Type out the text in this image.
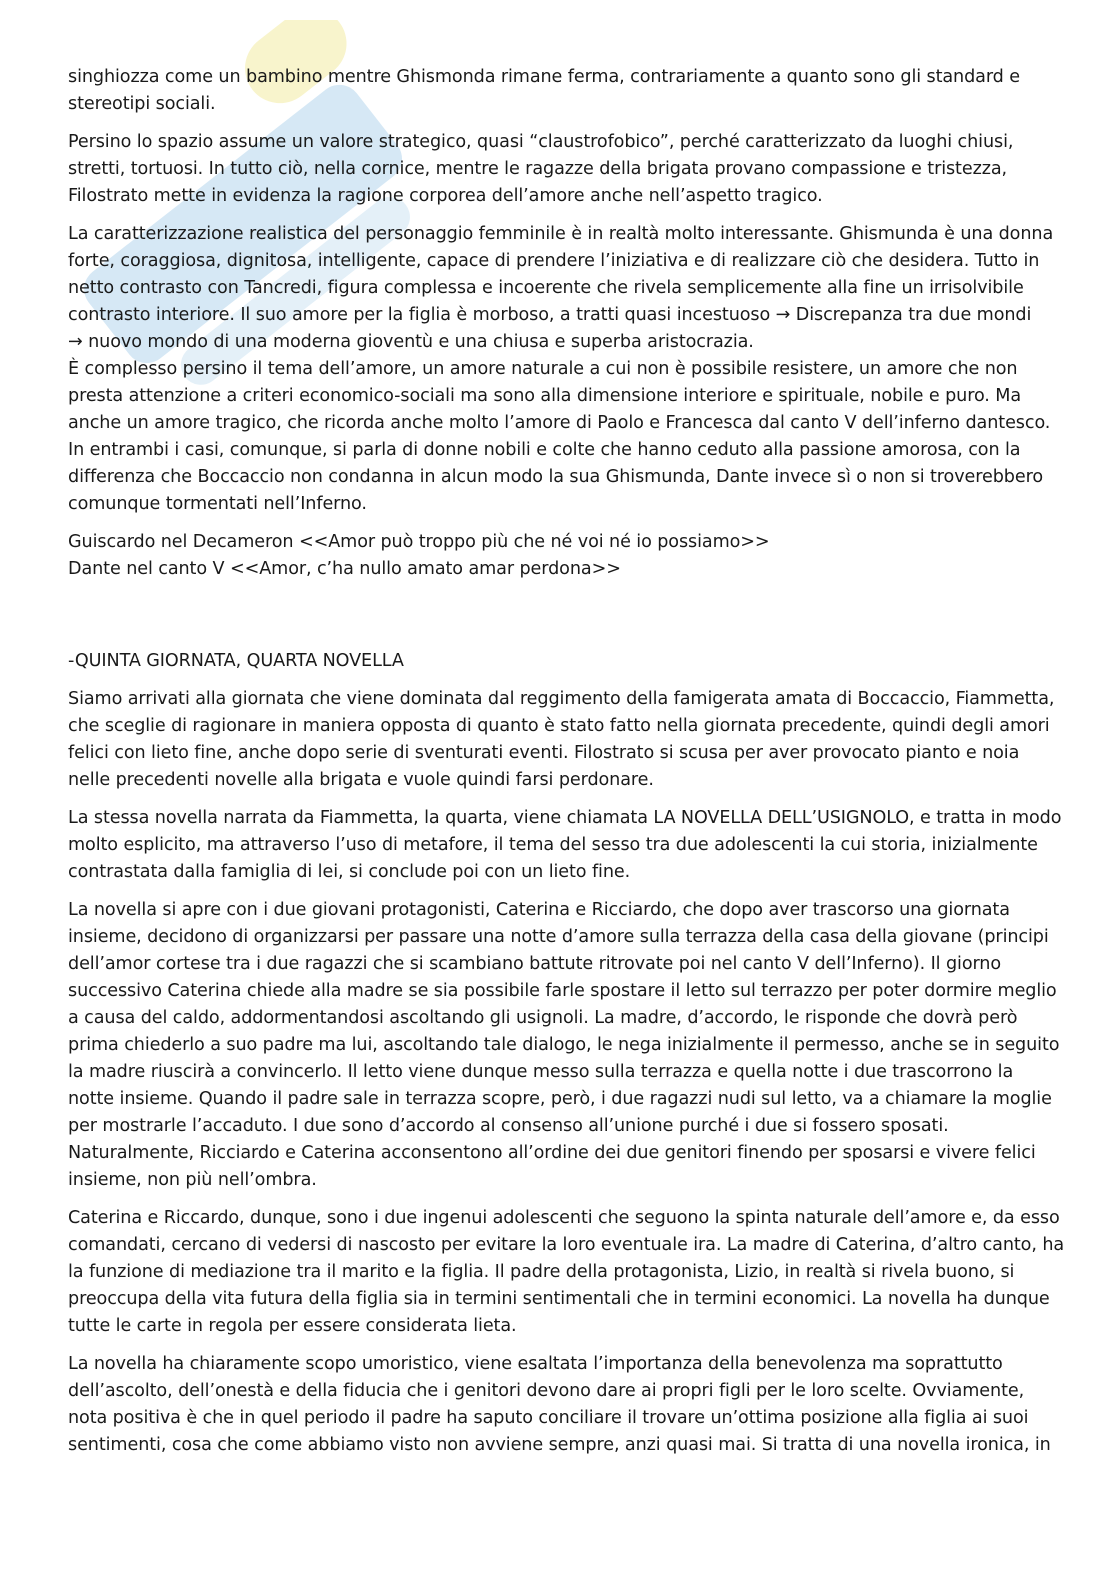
singhiozza come un bambino mentre Ghismonda rimane ferma, contrariamente a quanto sono gli standard e
stereotipi sociali.
Persino lo spazio assume un valore strategico, quasi “claustrofobico”, perché caratterizzato da luoghi chiusi,
stretti, tortuosi. In tutto ciò, nella cornice, mentre le ragazze della brigata provano compassione e tristezza,
Filostrato mette in evidenza la ragione corporea dell’amore anche nell’aspetto tragico.
La caratterizzazione realistica del personaggio femminile è in realtà molto interessante. Ghismunda è una donna
forte, coraggiosa, dignitosa, intelligente, capace di prendere l’iniziativa e di realizzare ciò che desidera. Tutto in
netto contrasto con Tancredi, figura complessa e incoerente che rivela semplicemente alla fine un irrisolvibile
contrasto interiore. Il suo amore per la figlia è morboso, a tratti quasi incestuoso → Discrepanza tra due mondi
→ nuovo mondo di una moderna gioventù e una chiusa e superba aristocrazia.
È complesso persino il tema dell’amore, un amore naturale a cui non è possibile resistere, un amore che non
presta attenzione a criteri economico-sociali ma sono alla dimensione interiore e spirituale, nobile e puro. Ma
anche un amore tragico, che ricorda anche molto l’amore di Paolo e Francesca dal canto V dell’inferno dantesco.
In entrambi i casi, comunque, si parla di donne nobili e colte che hanno ceduto alla passione amorosa, con la
differenza che Boccaccio non condanna in alcun modo la sua Ghismunda, Dante invece sì o non si troverebbero
comunque tormentati nell’Inferno.
Guiscardo nel Decameron <<Amor può troppo più che né voi né io possiamo>>
Dante nel canto V <<Amor, c’ha nullo amato amar perdona>>
-QUINTA GIORNATA, QUARTA NOVELLA
Siamo arrivati alla giornata che viene dominata dal reggimento della famigerata amata di Boccaccio, Fiammetta,
che sceglie di ragionare in maniera opposta di quanto è stato fatto nella giornata precedente, quindi degli amori
felici con lieto fine, anche dopo serie di sventurati eventi. Filostrato si scusa per aver provocato pianto e noia
nelle precedenti novelle alla brigata e vuole quindi farsi perdonare.
La stessa novella narrata da Fiammetta, la quarta, viene chiamata LA NOVELLA DELL’USIGNOLO, e tratta in modo
molto esplicito, ma attraverso l’uso di metafore, il tema del sesso tra due adolescenti la cui storia, inizialmente
contrastata dalla famiglia di lei, si conclude poi con un lieto fine.
La novella si apre con i due giovani protagonisti, Caterina e Ricciardo, che dopo aver trascorso una giornata
insieme, decidono di organizzarsi per passare una notte d’amore sulla terrazza della casa della giovane (principi
dell’amor cortese tra i due ragazzi che si scambiano battute ritrovate poi nel canto V dell’Inferno). Il giorno
successivo Caterina chiede alla madre se sia possibile farle spostare il letto sul terrazzo per poter dormire meglio
a causa del caldo, addormentandosi ascoltando gli usignoli. La madre, d’accordo, le risponde che dovrà però
prima chiederlo a suo padre ma lui, ascoltando tale dialogo, le nega inizialmente il permesso, anche se in seguito
la madre riuscirà a convincerlo. Il letto viene dunque messo sulla terrazza e quella notte i due trascorrono la
notte insieme. Quando il padre sale in terrazza scopre, però, i due ragazzi nudi sul letto, va a chiamare la moglie
per mostrarle l’accaduto. I due sono d’accordo al consenso all’unione purché i due si fossero sposati.
Naturalmente, Ricciardo e Caterina acconsentono all’ordine dei due genitori finendo per sposarsi e vivere felici
insieme, non più nell’ombra.
Caterina e Riccardo, dunque, sono i due ingenui adolescenti che seguono la spinta naturale dell’amore e, da esso
comandati, cercano di vedersi di nascosto per evitare la loro eventuale ira. La madre di Caterina, d’altro canto, ha
la funzione di mediazione tra il marito e la figlia. Il padre della protagonista, Lizio, in realtà si rivela buono, si
preoccupa della vita futura della figlia sia in termini sentimentali che in termini economici. La novella ha dunque
tutte le carte in regola per essere considerata lieta.
La novella ha chiaramente scopo umoristico, viene esaltata l’importanza della benevolenza ma soprattutto
dell’ascolto, dell’onestà e della fiducia che i genitori devono dare ai propri figli per le loro scelte. Ovviamente,
nota positiva è che in quel periodo il padre ha saputo conciliare il trovare un’ottima posizione alla figlia ai suoi
sentimenti, cosa che come abbiamo visto non avviene sempre, anzi quasi mai. Si tratta di una novella ironica, in
